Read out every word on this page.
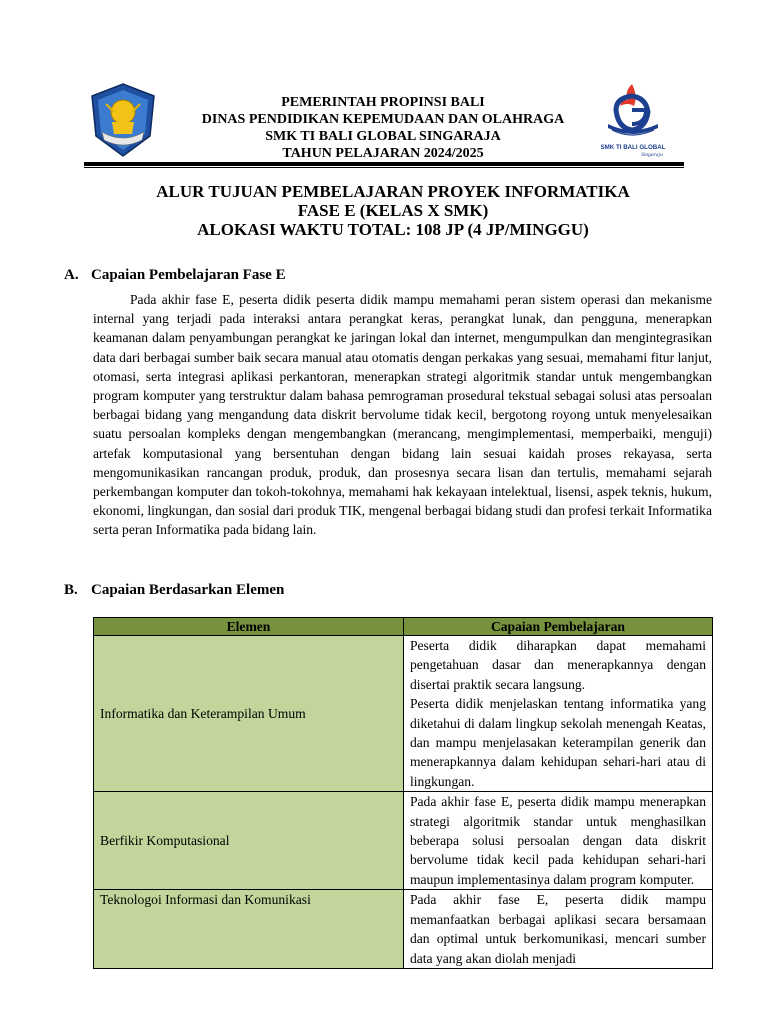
PEMERINTAH PROPINSI BALI
DINAS PENDIDIKAN KEPEMUDAAN DAN OLAHRAGA
SMK TI BALI GLOBAL SINGARAJA
TAHUN PELAJARAN 2024/2025	SMK TI BALI GLOBAL
Singaraja
ALUR TUJUAN PEMBELAJARAN PROYEK INFORMATIKA
FASE E (KELAS X SMK)
ALOKASI WAKTU TOTAL: 108 JP (4 JP/MINGGU)
A. Capaian Pembelajaran Fase E
Pada akhir fase E, peserta didik peserta didik mampu memahami peran sistem operasi dan mekanisme internal yang terjadi pada interaksi antara perangkat keras, perangkat lunak, dan pengguna, menerapkan keamanan dalam penyambungan perangkat ke jaringan lokal dan internet, mengumpulkan dan mengintegrasikan data dari berbagai sumber baik secara manual atau otomatis dengan perkakas yang sesuai, memahami fitur lanjut, otomasi, serta integrasi aplikasi perkantoran, menerapkan strategi algoritmik standar untuk mengembangkan program komputer yang terstruktur dalam bahasa pemrograman prosedural tekstual sebagai solusi atas persoalan berbagai bidang yang mengandung data diskrit bervolume tidak kecil, bergotong royong untuk menyelesaikan suatu persoalan kompleks dengan mengembangkan (merancang, mengimplementasi, memperbaiki, menguji) artefak komputasional yang bersentuhan dengan bidang lain sesuai kaidah proses rekayasa, serta mengomunikasikan rancangan produk, produk, dan prosesnya secara lisan dan tertulis, memahami sejarah perkembangan komputer dan tokoh-tokohnya, memahami hak kekayaan intelektual, lisensi, aspek teknis, hukum, ekonomi, lingkungan, dan sosial dari produk TIK, mengenal berbagai bidang studi dan profesi terkait Informatika serta peran Informatika pada bidang lain.
B. Capaian Berdasarkan Elemen
Elemen	Capaian Pembelajaran
Informatika dan Keterampilan Umum	Peserta didik diharapkan dapat memahami pengetahuan dasar dan menerapkannya dengan disertai praktik secara langsung.

Peserta didik menjelaskan tentang informatika yang diketahui di dalam lingkup sekolah menengah Keatas, dan mampu menjelasakan keterampilan generik dan menerapkannya dalam kehidupan sehari-hari atau di lingkungan.

Berfikir Komputasional	Pada akhir fase E, peserta didik mampu menerapkan strategi algoritmik standar untuk menghasilkan beberapa solusi persoalan dengan data diskrit bervolume tidak kecil pada kehidupan sehari-hari maupun implementasinya dalam program komputer.

Teknologoi Informasi dan Komunikasi	Pada akhir fase E, peserta didik mampu memanfaatkan berbagai aplikasi secara bersamaan dan optimal untuk berkomunikasi, mencari sumber data yang akan diolah menjadi
